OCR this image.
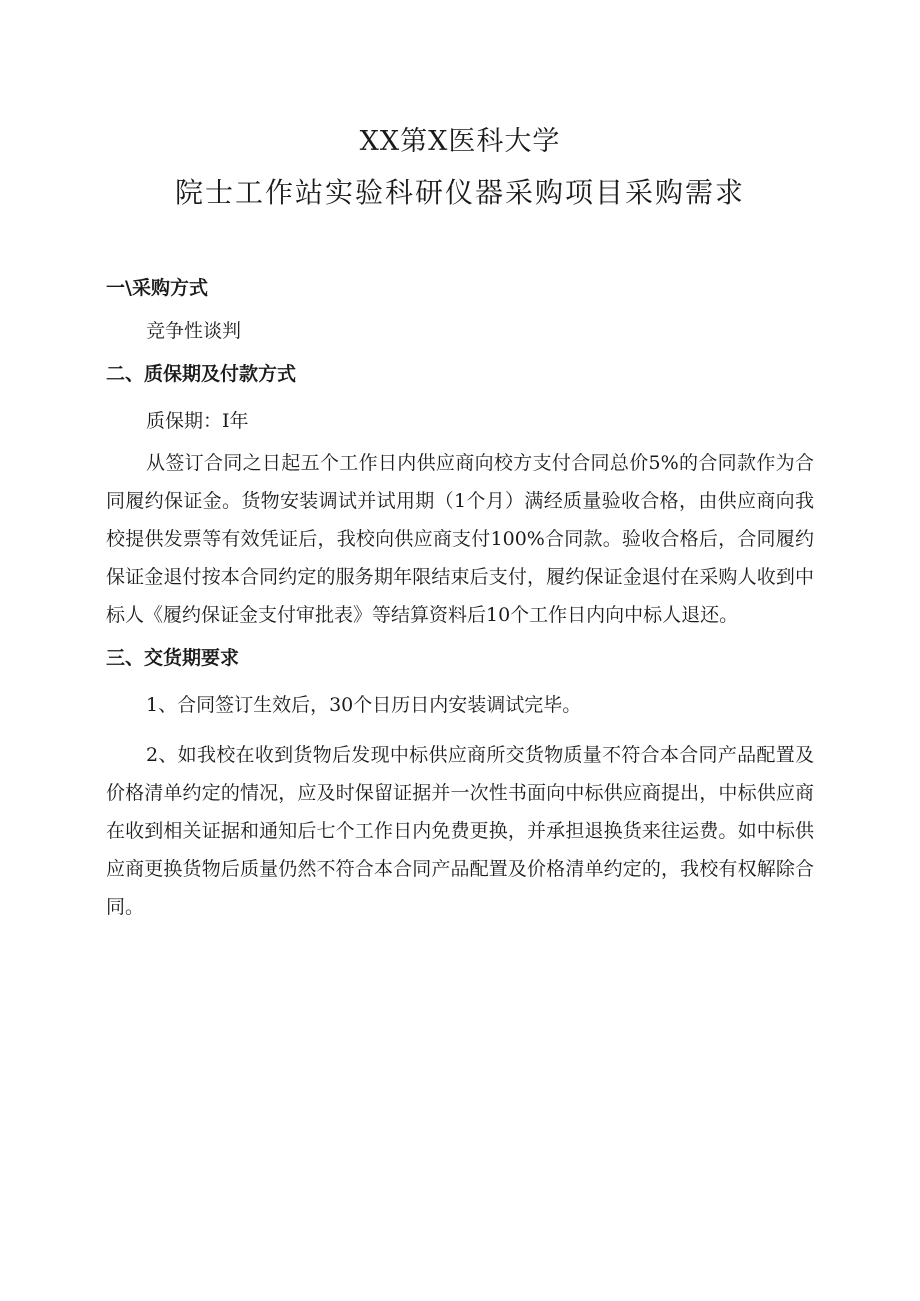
XX第X医科大学
院士工作站实验科研仪器采购项目采购需求
一\采购方式
竞争性谈判
二、质保期及付款方式
质保期：I年
从签订合同之日起五个工作日内供应商向校方支付合同总价5%的合同款作为合同履约保证金。货物安装调试并试用期（1个月）满经质量验收合格，由供应商向我校提供发票等有效凭证后，我校向供应商支付100%合同款。验收合格后，合同履约保证金退付按本合同约定的服务期年限结束后支付，履约保证金退付在采购人收到中标人《履约保证金支付审批表》等结算资料后10个工作日内向中标人退还。
三、交货期要求
1、合同签订生效后，30个日历日内安装调试完毕。
2、如我校在收到货物后发现中标供应商所交货物质量不符合本合同产品配置及价格清单约定的情况，应及时保留证据并一次性书面向中标供应商提出，中标供应商在收到相关证据和通知后七个工作日内免费更换，并承担退换货来往运费。如中标供应商更换货物后质量仍然不符合本合同产品配置及价格清单约定的，我校有权解除合同。
